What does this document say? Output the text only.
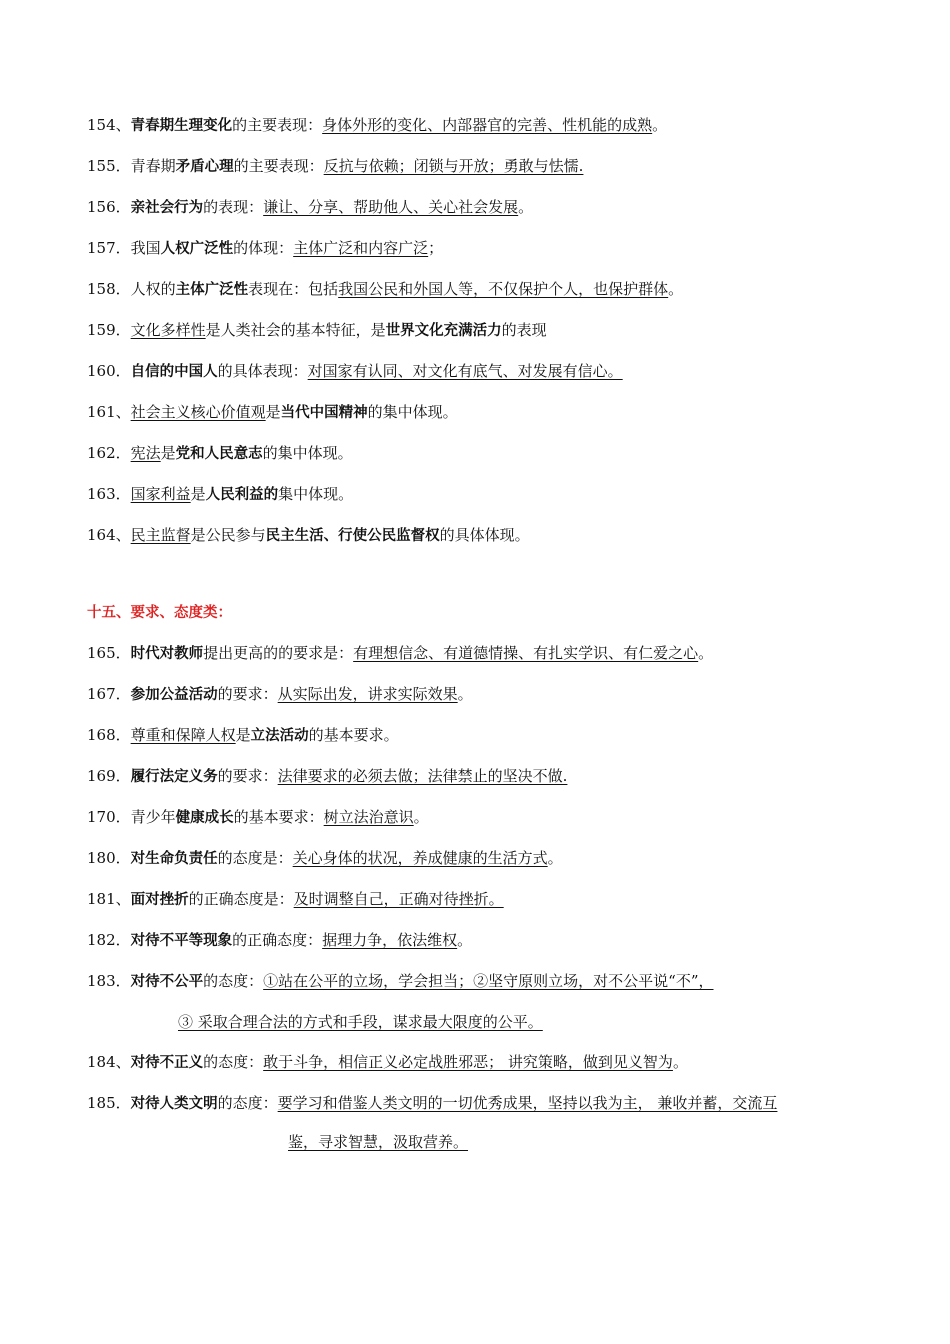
154、青春期生理变化的主要表现：身体外形的变化、内部器官的完善、性机能的成熟。
155．青春期矛盾心理的主要表现：反抗与依赖；闭锁与开放；勇敢与怯懦.
156．亲社会行为的表现：谦让、分享、帮助他人、关心社会发展。
157．我国人权广泛性的体现：主体广泛和内容广泛；
158．人权的主体广泛性表现在：包括我国公民和外国人等，不仅保护个人，也保护群体。
159．文化多样性是人类社会的基本特征，是世界文化充满活力的表现
160．自信的中国人的具体表现：对国家有认同、对文化有底气、对发展有信心。
161、社会主义核心价值观是当代中国精神的集中体现。
162．宪法是党和人民意志的集中体现。
163．国家利益是人民利益的集中体现。
164、民主监督是公民参与民主生活、行使公民监督权的具体体现。
十五、要求、态度类：
165．时代对教师提出更高的的要求是：有理想信念、有道德情操、有扎实学识、有仁爱之心。
167．参加公益活动的要求：从实际出发，讲求实际效果。
168．尊重和保障人权是立法活动的基本要求。
169．履行法定义务的要求：法律要求的必须去做；法律禁止的坚决不做.
170．青少年健康成长的基本要求：树立法治意识。
180．对生命负责任的态度是：关心身体的状况，养成健康的生活方式。
181、面对挫折的正确态度是：及时调整自己，正确对待挫折。
182．对待不平等现象的正确态度：据理力争，依法维权。
183．对待不公平的态度：①站在公平的立场，学会担当；②坚守原则立场，对不公平说“不”，
③ 采取合理合法的方式和手段，谋求最大限度的公平。
184、对待不正义的态度：敢于斗争，相信正义必定战胜邪恶； 讲究策略，做到见义智为。
185．对待人类文明的态度：要学习和借鉴人类文明的一切优秀成果，坚持以我为主， 兼收并蓄，交流互
鉴，寻求智慧，汲取营养。
